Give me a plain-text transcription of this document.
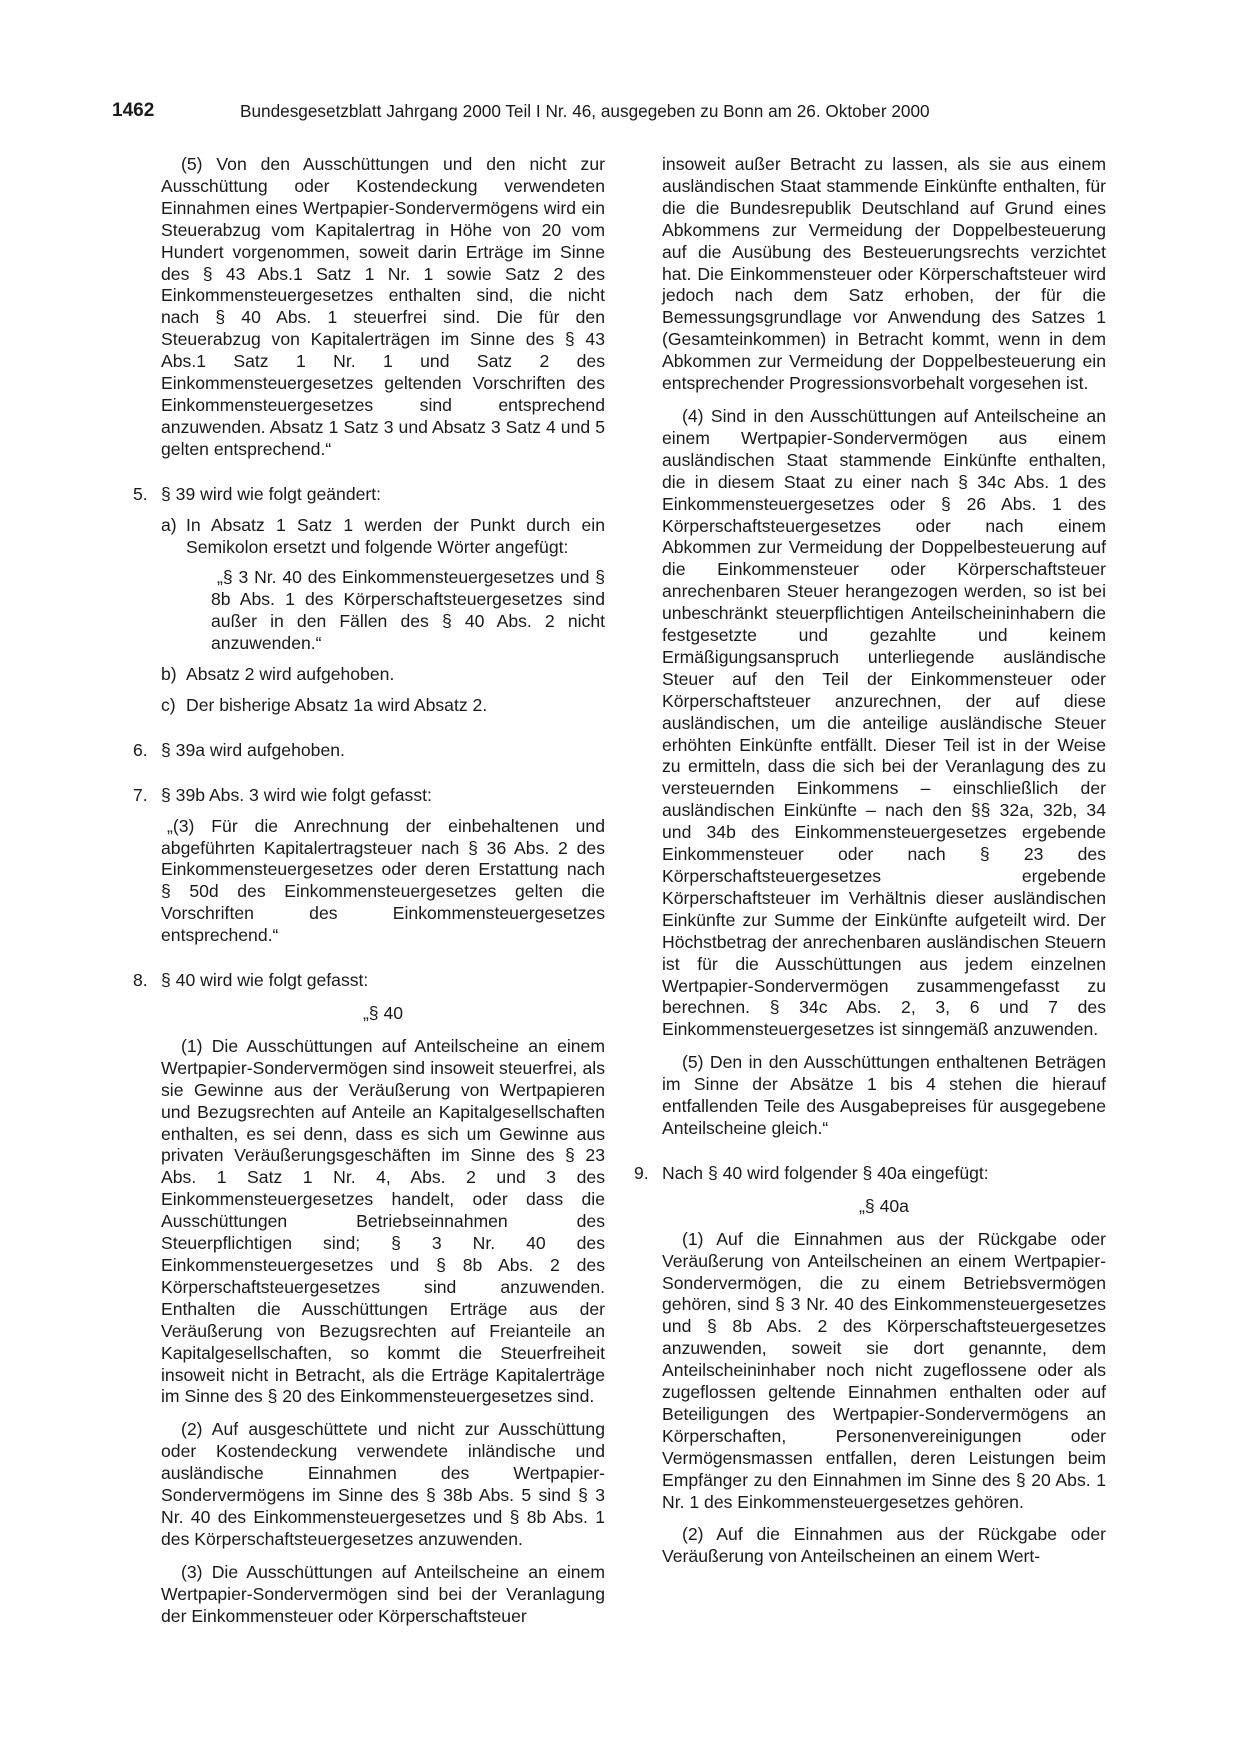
1462	Bundesgesetzblatt Jahrgang 2000 Teil I Nr. 46, ausgegeben zu Bonn am 26. Oktober 2000

(5) Von den Ausschüttungen und den nicht zur Ausschüttung oder Kostendeckung verwendeten Einnahmen eines Wertpapier-Sondervermögens wird ein Steuerabzug vom Kapitalertrag in Höhe von 20 vom Hundert vorgenommen, soweit darin Erträge im Sinne des § 43 Abs.1 Satz 1 Nr. 1 sowie Satz 2 des Einkommensteuergesetzes enthalten sind, die nicht nach § 40 Abs. 1 steuerfrei sind. Die für den Steuerabzug von Kapitalerträgen im Sinne des § 43 Abs.1 Satz 1 Nr. 1 und Satz 2 des Einkommensteuergesetzes geltenden Vorschriften des Einkommensteuergesetzes sind entsprechend anzuwenden. Absatz 1 Satz 3 und Absatz 3 Satz 4 und 5 gelten entsprechend.“

5. § 39 wird wie folgt geändert:

a) In Absatz 1 Satz 1 werden der Punkt durch ein Semikolon ersetzt und folgende Wörter angefügt:

„§ 3 Nr. 40 des Einkommensteuergesetzes und § 8b Abs. 1 des Körperschaftsteuergesetzes sind außer in den Fällen des § 40 Abs. 2 nicht anzuwenden.“

b) Absatz 2 wird aufgehoben.

c) Der bisherige Absatz 1a wird Absatz 2.

6. § 39a wird aufgehoben.

7. § 39b Abs. 3 wird wie folgt gefasst:

„(3) Für die Anrechnung der einbehaltenen und abgeführten Kapitalertragsteuer nach § 36 Abs. 2 des Einkommensteuergesetzes oder deren Erstattung nach § 50d des Einkommensteuergesetzes gelten die Vorschriften des Einkommensteuergesetzes entsprechend.“

8. § 40 wird wie folgt gefasst:

„§ 40

(1) Die Ausschüttungen auf Anteilscheine an einem Wertpapier-Sondervermögen sind insoweit steuerfrei, als sie Gewinne aus der Veräußerung von Wertpapieren und Bezugsrechten auf Anteile an Kapitalgesellschaften enthalten, es sei denn, dass es sich um Gewinne aus privaten Veräußerungsgeschäften im Sinne des § 23 Abs. 1 Satz 1 Nr. 4, Abs. 2 und 3 des Einkommensteuergesetzes handelt, oder dass die Ausschüttungen Betriebseinnahmen des Steuerpflichtigen sind; § 3 Nr. 40 des Einkommensteuergesetzes und § 8b Abs. 2 des Körperschaftsteuergesetzes sind anzuwenden. Enthalten die Ausschüttungen Erträge aus der Veräußerung von Bezugsrechten auf Freianteile an Kapitalgesellschaften, so kommt die Steuerfreiheit insoweit nicht in Betracht, als die Erträge Kapitalerträge im Sinne des § 20 des Einkommensteuergesetzes sind.

(2) Auf ausgeschüttete und nicht zur Ausschüttung oder Kostendeckung verwendete inländische und ausländische Einnahmen des Wertpapier-Sondervermögens im Sinne des § 38b Abs. 5 sind § 3 Nr. 40 des Einkommensteuergesetzes und § 8b Abs. 1 des Körperschaftsteuergesetzes anzuwenden.

(3) Die Ausschüttungen auf Anteilscheine an einem Wertpapier-Sondervermögen sind bei der Veranlagung der Einkommensteuer oder Körperschaftsteuer

insoweit außer Betracht zu lassen, als sie aus einem ausländischen Staat stammende Einkünfte enthalten, für die die Bundesrepublik Deutschland auf Grund eines Abkommens zur Vermeidung der Doppelbesteuerung auf die Ausübung des Besteuerungsrechts verzichtet hat. Die Einkommensteuer oder Körperschaftsteuer wird jedoch nach dem Satz erhoben, der für die Bemessungsgrundlage vor Anwendung des Satzes 1 (Gesamteinkommen) in Betracht kommt, wenn in dem Abkommen zur Vermeidung der Doppelbesteuerung ein entsprechender Progressionsvorbehalt vorgesehen ist.

(4) Sind in den Ausschüttungen auf Anteilscheine an einem Wertpapier-Sondervermögen aus einem ausländischen Staat stammende Einkünfte enthalten, die in diesem Staat zu einer nach § 34c Abs. 1 des Einkommensteuergesetzes oder § 26 Abs. 1 des Körperschaftsteuergesetzes oder nach einem Abkommen zur Vermeidung der Doppelbesteuerung auf die Einkommensteuer oder Körperschaftsteuer anrechenbaren Steuer herangezogen werden, so ist bei unbeschränkt steuerpflichtigen Anteilscheininhabern die festgesetzte und gezahlte und keinem Ermäßigungsanspruch unterliegende ausländische Steuer auf den Teil der Einkommensteuer oder Körperschaftsteuer anzurechnen, der auf diese ausländischen, um die anteilige ausländische Steuer erhöhten Einkünfte entfällt. Dieser Teil ist in der Weise zu ermitteln, dass die sich bei der Veranlagung des zu versteuernden Einkommens – einschließlich der ausländischen Einkünfte – nach den §§ 32a, 32b, 34 und 34b des Einkommensteuergesetzes ergebende Einkommensteuer oder nach § 23 des Körperschaftsteuergesetzes ergebende Körperschaftsteuer im Verhältnis dieser ausländischen Einkünfte zur Summe der Einkünfte aufgeteilt wird. Der Höchstbetrag der anrechenbaren ausländischen Steuern ist für die Ausschüttungen aus jedem einzelnen Wertpapier-Sondervermögen zusammengefasst zu berechnen. § 34c Abs. 2, 3, 6 und 7 des Einkommensteuergesetzes ist sinngemäß anzuwenden.

(5) Den in den Ausschüttungen enthaltenen Beträgen im Sinne der Absätze 1 bis 4 stehen die hierauf entfallenden Teile des Ausgabepreises für ausgegebene Anteilscheine gleich.“

9. Nach § 40 wird folgender § 40a eingefügt:

„§ 40a

(1) Auf die Einnahmen aus der Rückgabe oder Veräußerung von Anteilscheinen an einem Wertpapier-Sondervermögen, die zu einem Betriebsvermögen gehören, sind § 3 Nr. 40 des Einkommensteuergesetzes und § 8b Abs. 2 des Körperschaftsteuergesetzes anzuwenden, soweit sie dort genannte, dem Anteilscheininhaber noch nicht zugeflossene oder als zugeflossen geltende Einnahmen enthalten oder auf Beteiligungen des Wertpapier-Sondervermögens an Körperschaften, Personenvereinigungen oder Vermögensmassen entfallen, deren Leistungen beim Empfänger zu den Einnahmen im Sinne des § 20 Abs. 1 Nr. 1 des Einkommensteuergesetzes gehören.

(2) Auf die Einnahmen aus der Rückgabe oder Veräußerung von Anteilscheinen an einem Wert-
